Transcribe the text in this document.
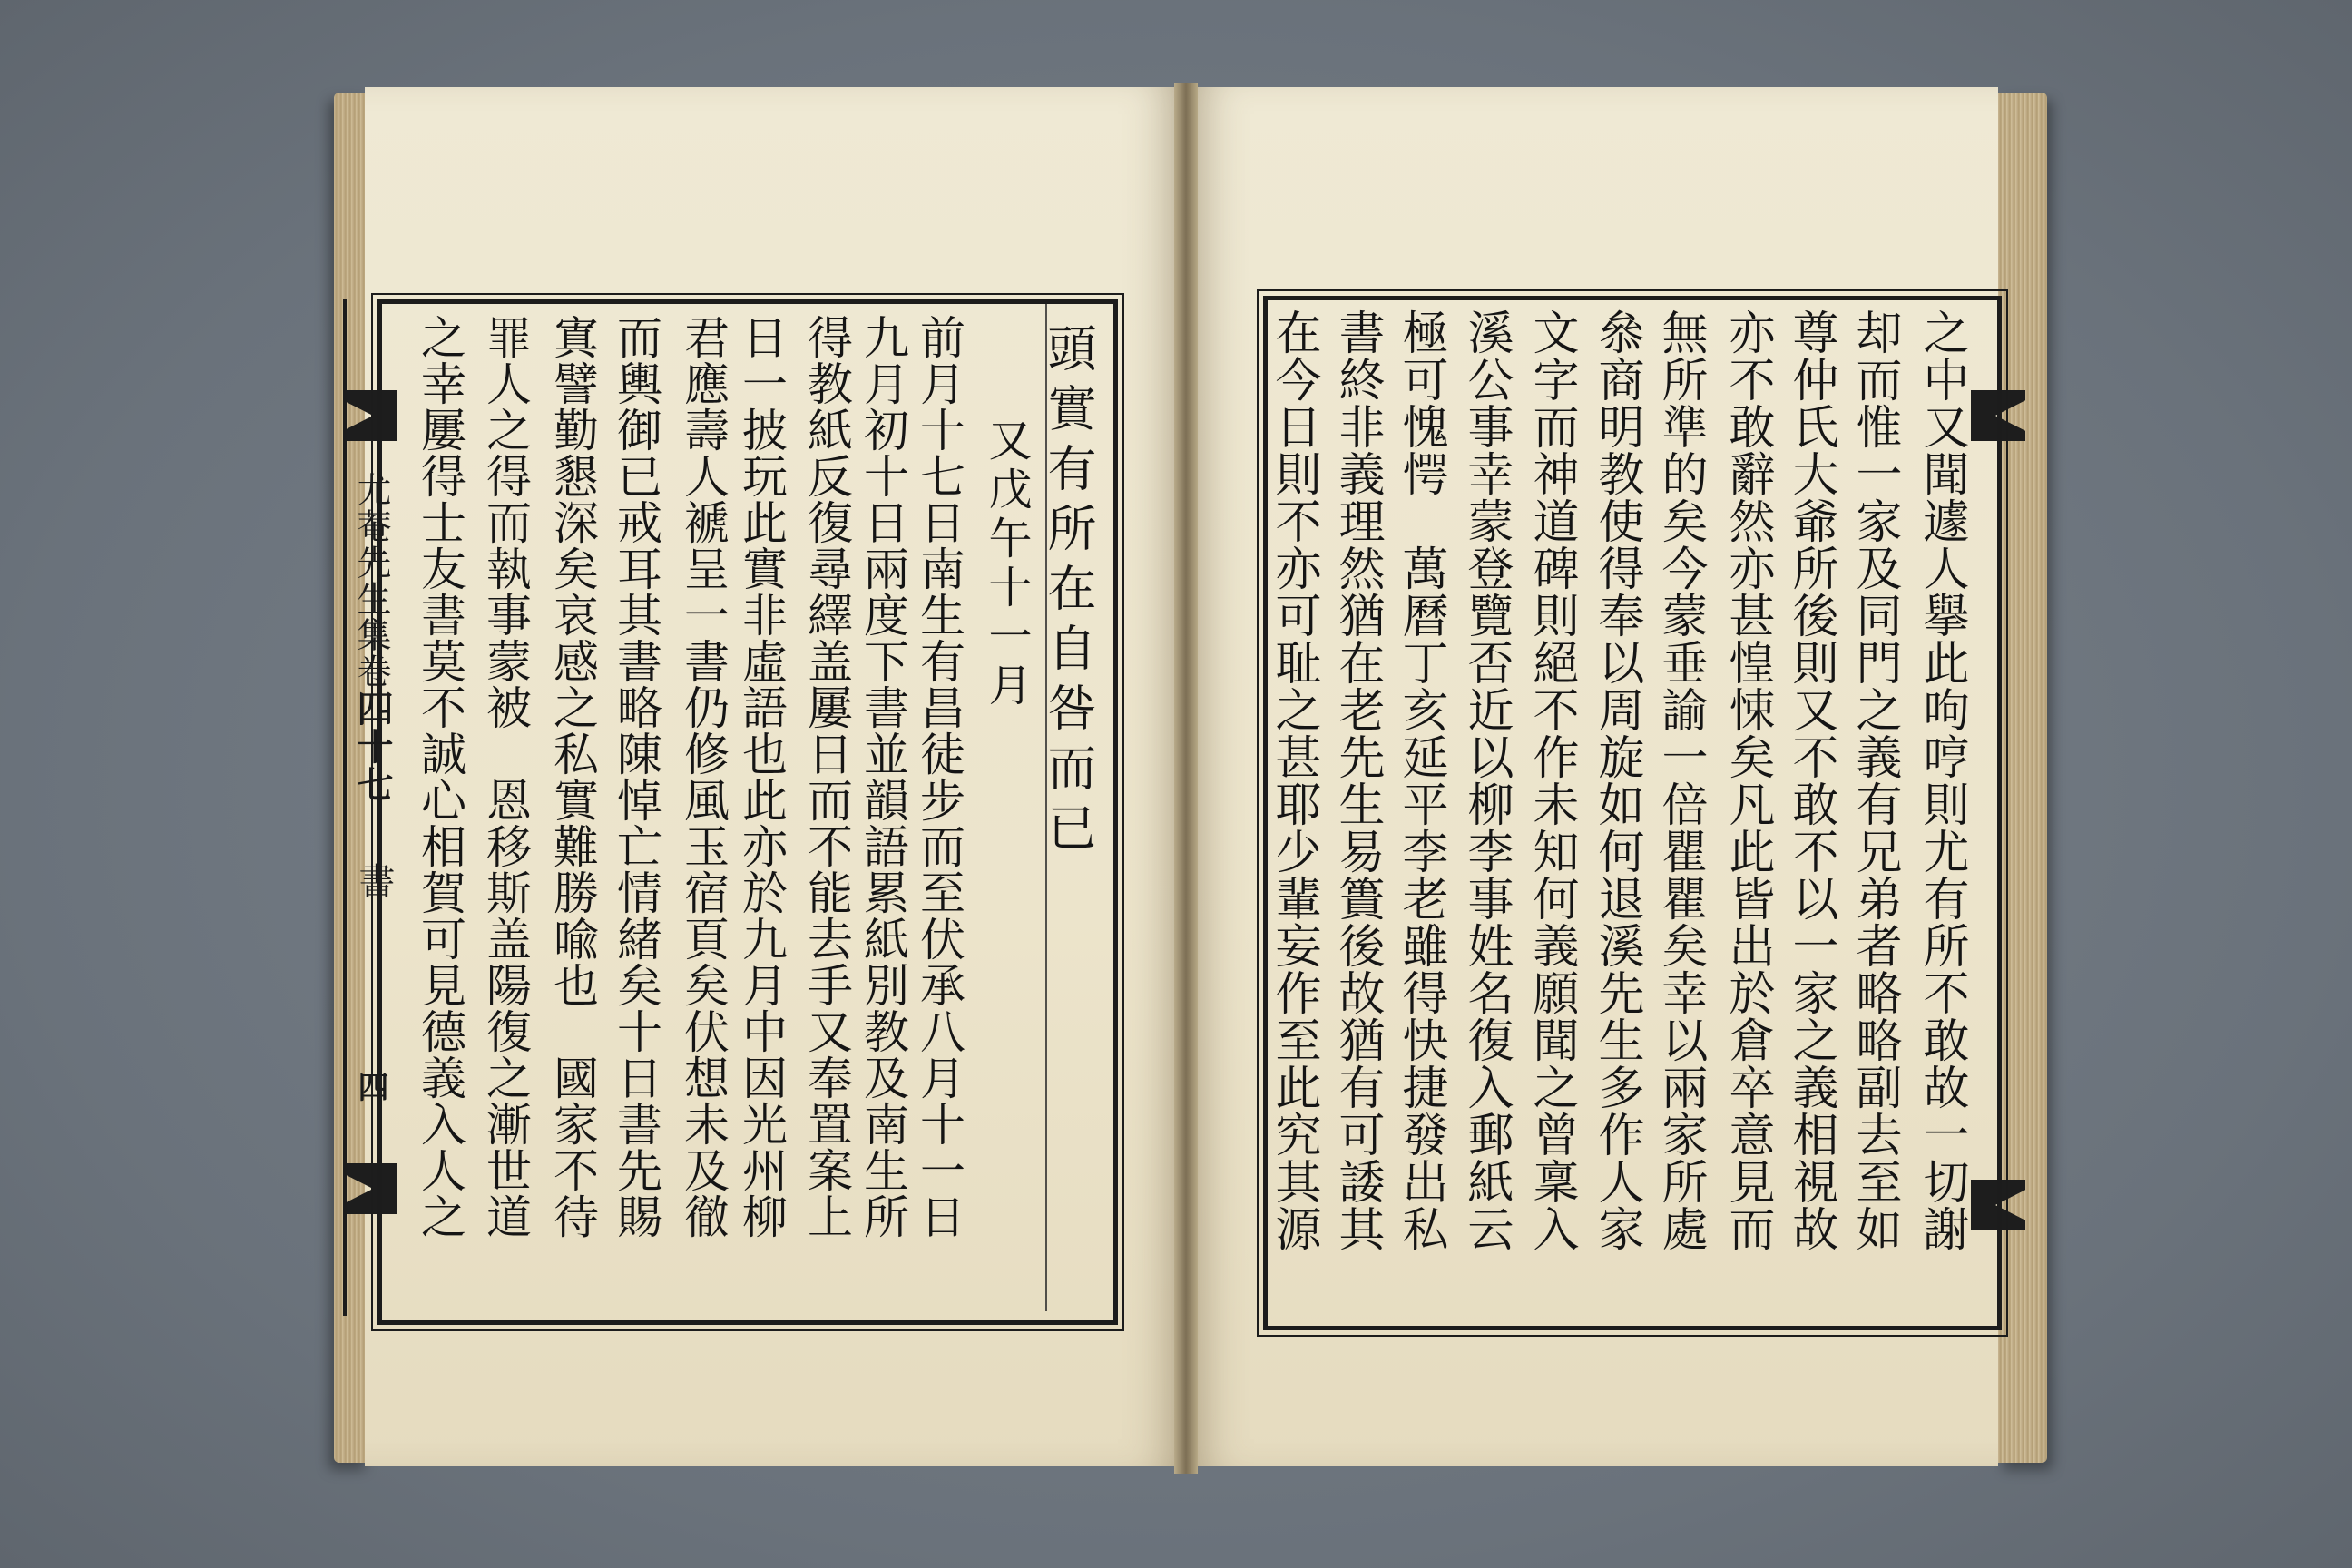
尤菴先生集卷
四十七
書
四
頭實有所在自咎而已
又戊午十一月
前月十七日南生有昌徒步而至伏承八月十一日
九月初十日兩度下書並韻語累紙別教及南生所
得教紙反復尋繹盖屢日而不能去手又奉置案上
日一披玩此實非虛語也此亦於九月中因光州柳
君應壽人褫呈一書仍修風玉宿頁矣伏想未及徹
而輿御已戒耳其書略陳悼亡情緒矣十日書先賜
寘譬勤懇深矣哀感之私實難勝喩也　國家不待
罪人之得而執事蒙被　恩移斯盖陽復之漸世道
之幸屢得士友書莫不誠心相賀可見德義入人之	之中又聞遽人擧此呴哼則尤有所不敢故一切謝
却而惟一家及同門之義有兄弟者略略副去至如
尊仲氏大爺所後則又不敢不以一家之義相視故
亦不敢辭然亦甚惶悚矣凡此皆出於倉卒意見而
無所準的矣今蒙垂諭一倍瞿瞿矣幸以兩家所處
叅商明教使得奉以周旋如何退溪先生多作人家
文字而神道碑則絕不作未知何義願聞之曾稟入
溪公事幸蒙登覽否近以柳李事姓名復入郵紙云
極可愧愕　萬曆丁亥延平李老雖得快捷發出私
書終非義理然猶在老先生易簣後故猶有可諉其
在今日則不亦可耻之甚耶少輩妄作至此究其源
